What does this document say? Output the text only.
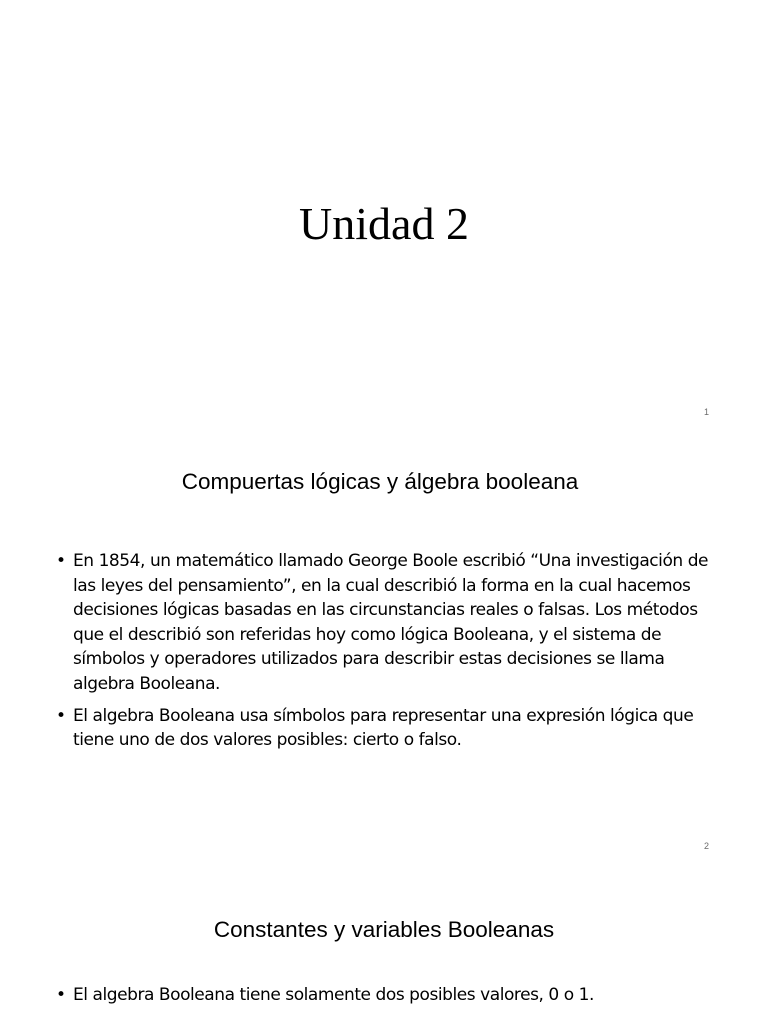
Unidad 2
1
Compuertas lógicas y álgebra booleana
• En 1854, un matemático llamado George Boole escribió “Una investigación de las leyes del pensamiento”, en la cual describió la forma en la cual hacemos decisiones lógicas basadas en las circunstancias reales o falsas. Los métodos que el describió son referidas hoy como lógica Booleana, y el sistema de símbolos y operadores utilizados para describir estas decisiones se llama algebra Booleana.
• El algebra Booleana usa símbolos para representar una expresión lógica que tiene uno de dos valores posibles: cierto o falso.
2
Constantes y variables Booleanas
• El algebra Booleana tiene solamente dos posibles valores, 0 o 1.
